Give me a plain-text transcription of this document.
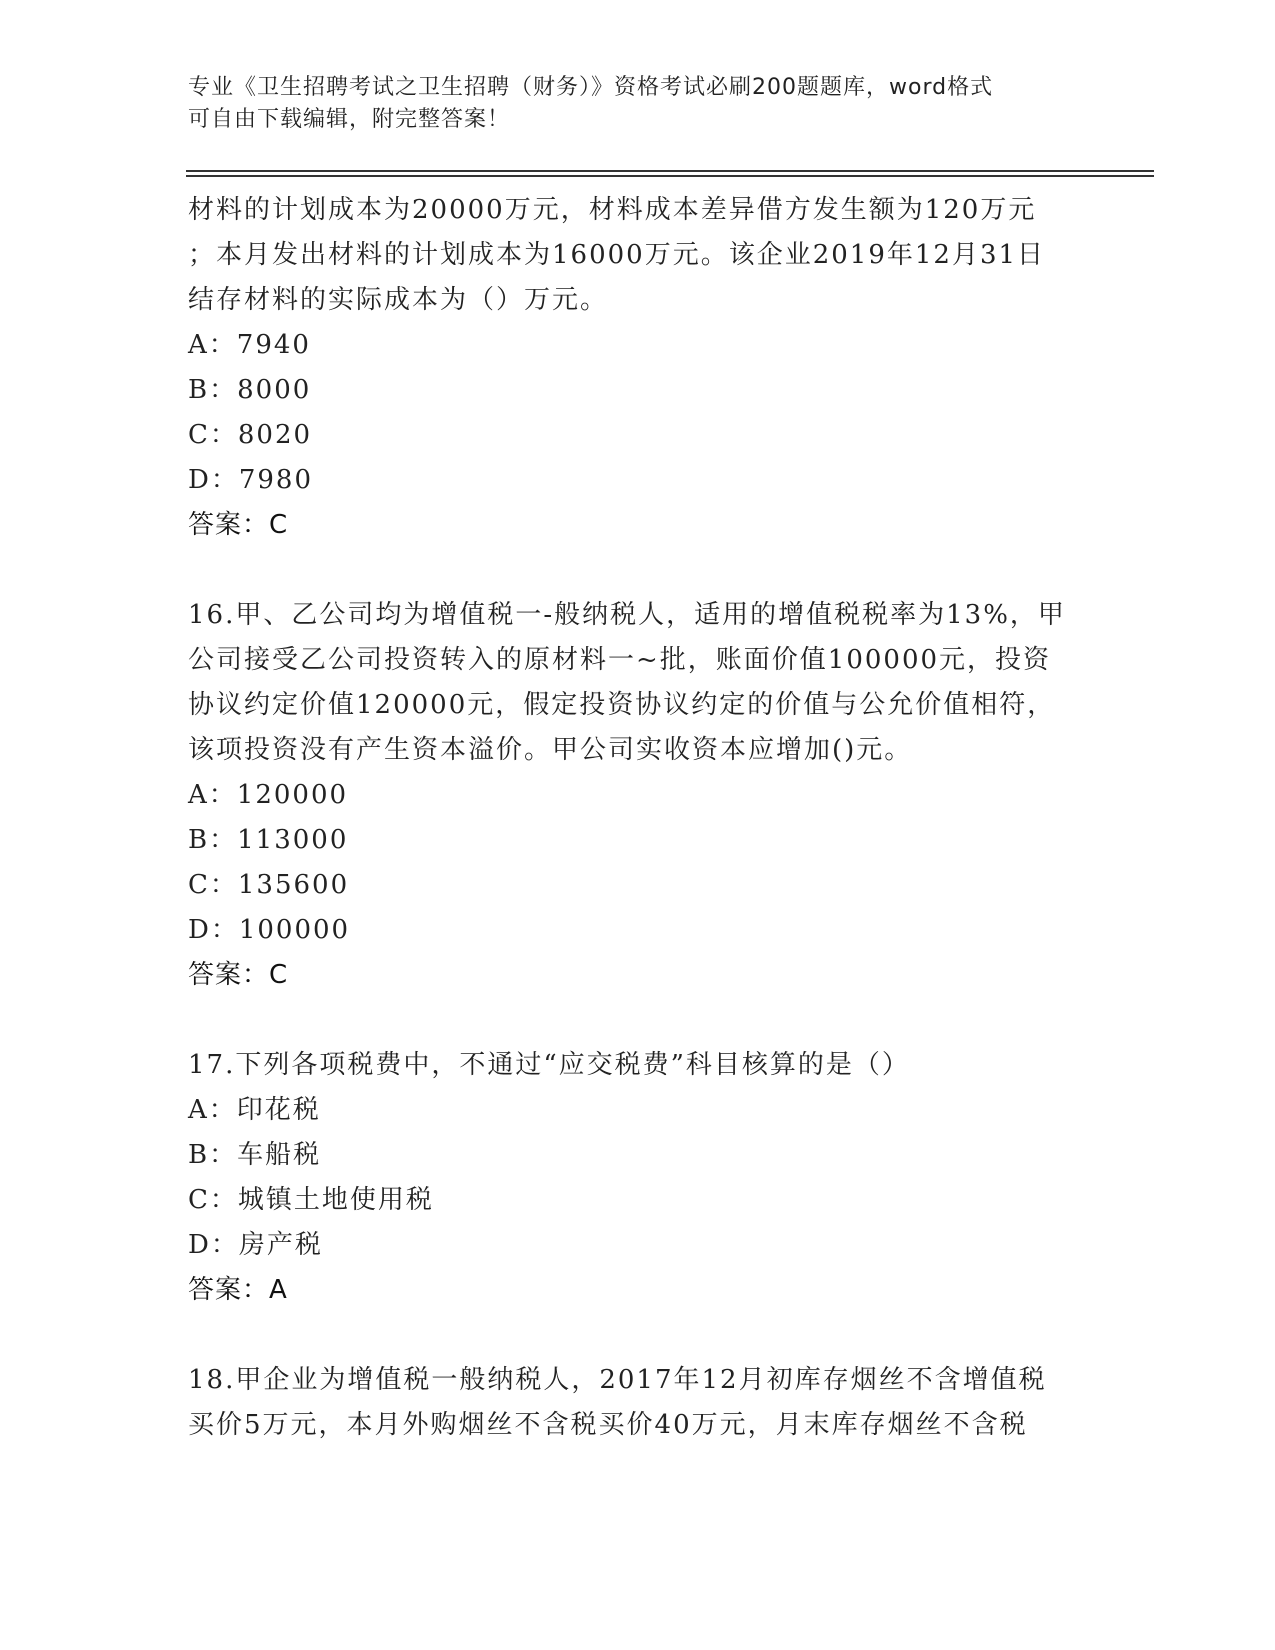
专业《卫生招聘考试之卫生招聘（财务）》资格考试必刷200题题库，word格式
可自由下载编辑，附完整答案！
材料的计划成本为20000万元，材料成本差异借方发生额为120万元
；本月发出材料的计划成本为16000万元。该企业2019年12月31日
结存材料的实际成本为（）万元。
A：7940
B：8000
C：8020
D：7980
答案：C
16.甲、乙公司均为增值税一-般纳税人，适用的增值税税率为13%，甲
公司接受乙公司投资转入的原材料一~批，账面价值100000元，投资
协议约定价值120000元，假定投资协议约定的价值与公允价值相符，
该项投资没有产生资本溢价。甲公司实收资本应增加()元。
A：120000
B：113000
C：135600
D：100000
答案：C
17.下列各项税费中，不通过“应交税费”科目核算的是（）
A：印花税
B：车船税
C：城镇土地使用税
D：房产税
答案：A
18.甲企业为增值税一般纳税人，2017年12月初库存烟丝不含增值税
买价5万元，本月外购烟丝不含税买价40万元，月末库存烟丝不含税
